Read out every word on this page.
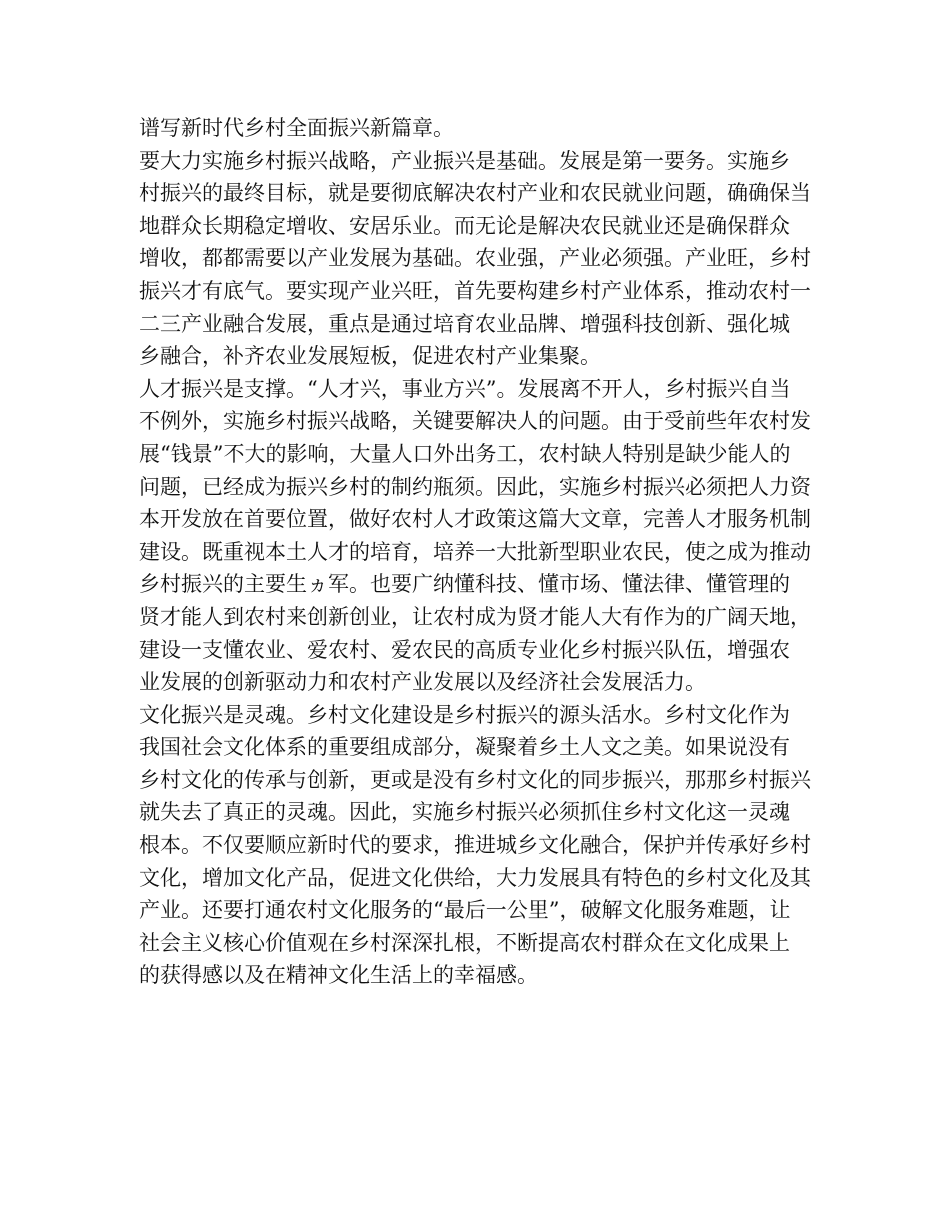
谱写新时代乡村全面振兴新篇章。
要大力实施乡村振兴战略，产业振兴是基础。发展是第一要务。实施乡
村振兴的最终目标，就是要彻底解决农村产业和农民就业问题，确确保当
地群众长期稳定增收、安居乐业。而无论是解决农民就业还是确保群众
增收，都都需要以产业发展为基础。农业强，产业必须强。产业旺，乡村
振兴才有底气。要实现产业兴旺，首先要构建乡村产业体系，推动农村一
二三产业融合发展，重点是通过培育农业品牌、增强科技创新、强化城
乡融合，补齐农业发展短板，促进农村产业集聚。
人才振兴是支撑。“人才兴，事业方兴”。发展离不开人，乡村振兴自当
不例外，实施乡村振兴战略，关键要解决人的问题。由于受前些年农村发
展“钱景”不大的影响，大量人口外出务工，农村缺人特别是缺少能人的
问题，已经成为振兴乡村的制约瓶须。因此，实施乡村振兴必须把人力资
本开发放在首要位置，做好农村人才政策这篇大文章，完善人才服务机制
建设。既重视本土人才的培育，培养一大批新型职业农民，使之成为推动
乡村振兴的主要生ヵ军。也要广纳懂科技、懂市场、懂法律、懂管理的
贤才能人到农村来创新创业，让农村成为贤才能人大有作为的广阔天地，
建设一支懂农业、爱农村、爱农民的高质专业化乡村振兴队伍，增强农
业发展的创新驱动力和农村产业发展以及经济社会发展活力。
文化振兴是灵魂。乡村文化建设是乡村振兴的源头活水。乡村文化作为
我国社会文化体系的重要组成部分，凝聚着乡土人文之美。如果说没有
乡村文化的传承与创新，更或是没有乡村文化的同步振兴，那那乡村振兴
就失去了真正的灵魂。因此，实施乡村振兴必须抓住乡村文化这一灵魂
根本。不仅要顺应新时代的要求，推进城乡文化融合，保护并传承好乡村
文化，增加文化产品，促进文化供给，大力发展具有特色的乡村文化及其
产业。还要打通农村文化服务的“最后一公里”，破解文化服务难题，让
社会主义核心价值观在乡村深深扎根，不断提高农村群众在文化成果上
的获得感以及在精神文化生活上的幸福感。
